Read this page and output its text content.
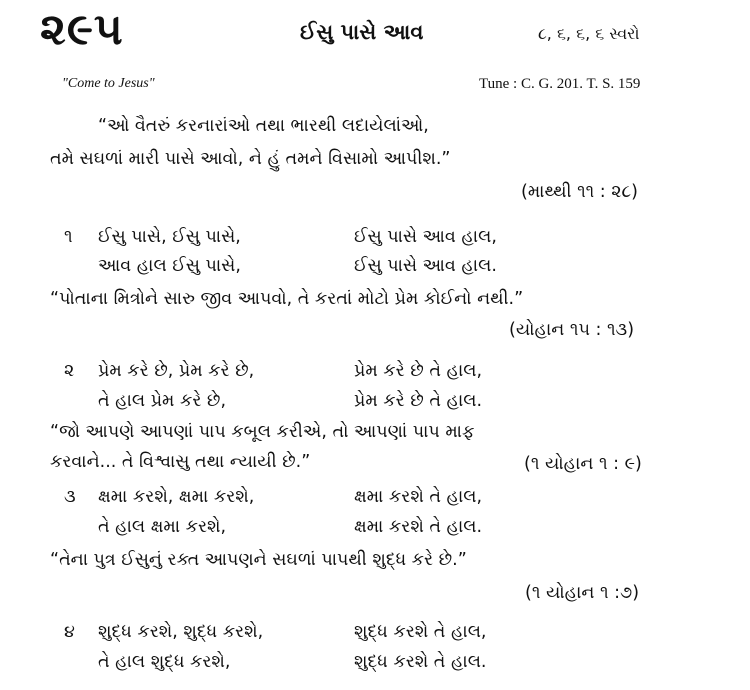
૨૯૫	ઈસુ પાસે આવ	૮, ૬, ૬, ૬ સ્વરો
"Come to Jesus"	Tune : C. G. 201. T. S. 159
“ઓ વૈતરું કરનારાંઓ તથા ભારથી લદાયેલાંઓ,
તમે સઘળાં મારી પાસે આવો, ને હું તમને વિસામો આપીશ.”
(માથ્થી ૧૧ : ૨૮)
૧ ઈસુ પાસે, ઈસુ પાસે,	ઈસુ પાસે આવ હાલ,
આવ હાલ ઈસુ પાસે,	ઈસુ પાસે આવ હાલ.
“પોતાના મિત્રોને સારુ જીવ આપવો, તે કરતાં મોટો પ્રેમ કોઈનો નથી.”
(યોહાન ૧૫ : ૧૩)
૨ પ્રેમ કરે છે, પ્રેમ કરે છે,	પ્રેમ કરે છે તે હાલ,
તે હાલ પ્રેમ કરે છે,	પ્રેમ કરે છે તે હાલ.
“જો આપણે આપણાં પાપ કબૂલ કરીએ, તો આપણાં પાપ માફ
કરવાને... તે વિશ્વાસુ તથા ન્યાયી છે.”	(૧ યોહાન ૧ : ૯)
૩ ક્ષમા કરશે, ક્ષમા કરશે,	ક્ષમા કરશે તે હાલ,
તે હાલ ક્ષમા કરશે,	ક્ષમા કરશે તે હાલ.
“તેના પુત્ર ઈસુનું રક્ત આપણને સઘળાં પાપથી શુદ્ધ કરે છે.”
(૧ યોહાન ૧ :૭)
૪ શુદ્ધ કરશે, શુદ્ધ કરશે,	શુદ્ધ કરશે તે હાલ,
તે હાલ શુદ્ધ કરશે,	શુદ્ધ કરશે તે હાલ.
